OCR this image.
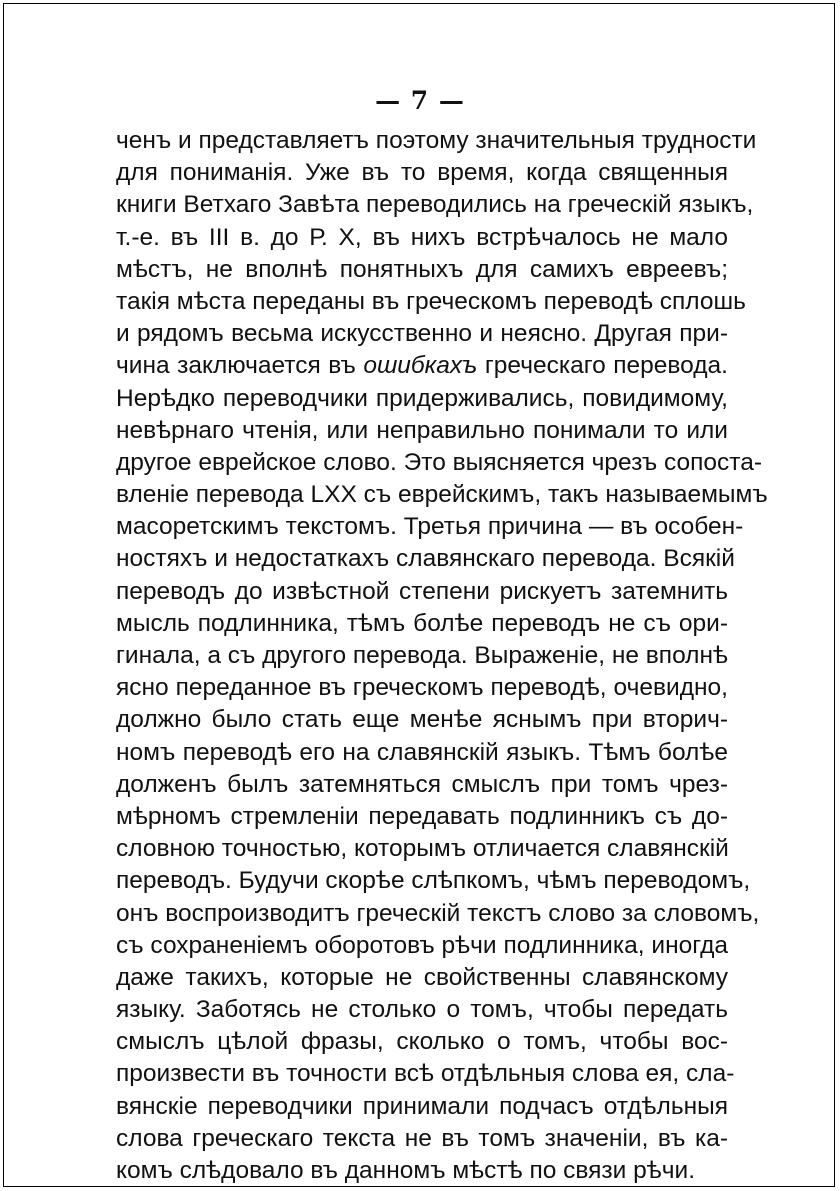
— 7 —
ченъ и представляетъ поэтому значительныя трудности
для пониманія. Уже въ то время, когда священныя
книги Ветхаго Завѣта переводились на греческій языкъ,
т.-е. въ III в. до Р. Х, въ нихъ встрѣчалось не мало
мѣстъ, не вполнѣ понятныхъ для самихъ евреевъ;
такія мѣста переданы въ греческомъ переводѣ сплошь
и рядомъ весьма искусственно и неясно. Другая при-
чина заключается въ ошибкахъ греческаго перевода.
Нерѣдко переводчики придерживались, повидимому,
невѣрнаго чтенія, или неправильно понимали то или
другое еврейское слово. Это выясняется чрезъ сопоста-
вленіе перевода LXX съ еврейскимъ, такъ называемымъ
масоретскимъ текстомъ. Третья причина — въ особен-
ностяхъ и недостаткахъ славянскаго перевода. Всякій
переводъ до извѣстной степени рискуетъ затемнить
мысль подлинника, тѣмъ болѣе переводъ не съ ори-
гинала, а съ другого перевода. Выраженіе, не вполнѣ
ясно переданное въ греческомъ переводѣ, очевидно,
должно было стать еще менѣе яснымъ при вторич-
номъ переводѣ его на славянскій языкъ. Тѣмъ болѣе
долженъ былъ затемняться смыслъ при томъ чрез-
мѣрномъ стремленіи передавать подлинникъ съ до-
словною точностью, которымъ отличается славянскій
переводъ. Будучи скорѣе слѣпкомъ, чѣмъ переводомъ,
онъ воспроизводитъ греческій текстъ слово за словомъ,
съ сохраненіемъ оборотовъ рѣчи подлинника, иногда
даже такихъ, которые не свойственны славянскому
языку. Заботясь не столько о томъ, чтобы передать
смыслъ цѣлой фразы, сколько о томъ, чтобы вос-
произвести въ точности всѣ отдѣльныя слова ея, сла-
вянскіе переводчики принимали подчасъ отдѣльныя
слова греческаго текста не въ томъ значеніи, въ ка-
комъ слѣдовало въ данномъ мѣстѣ по связи рѣчи.
